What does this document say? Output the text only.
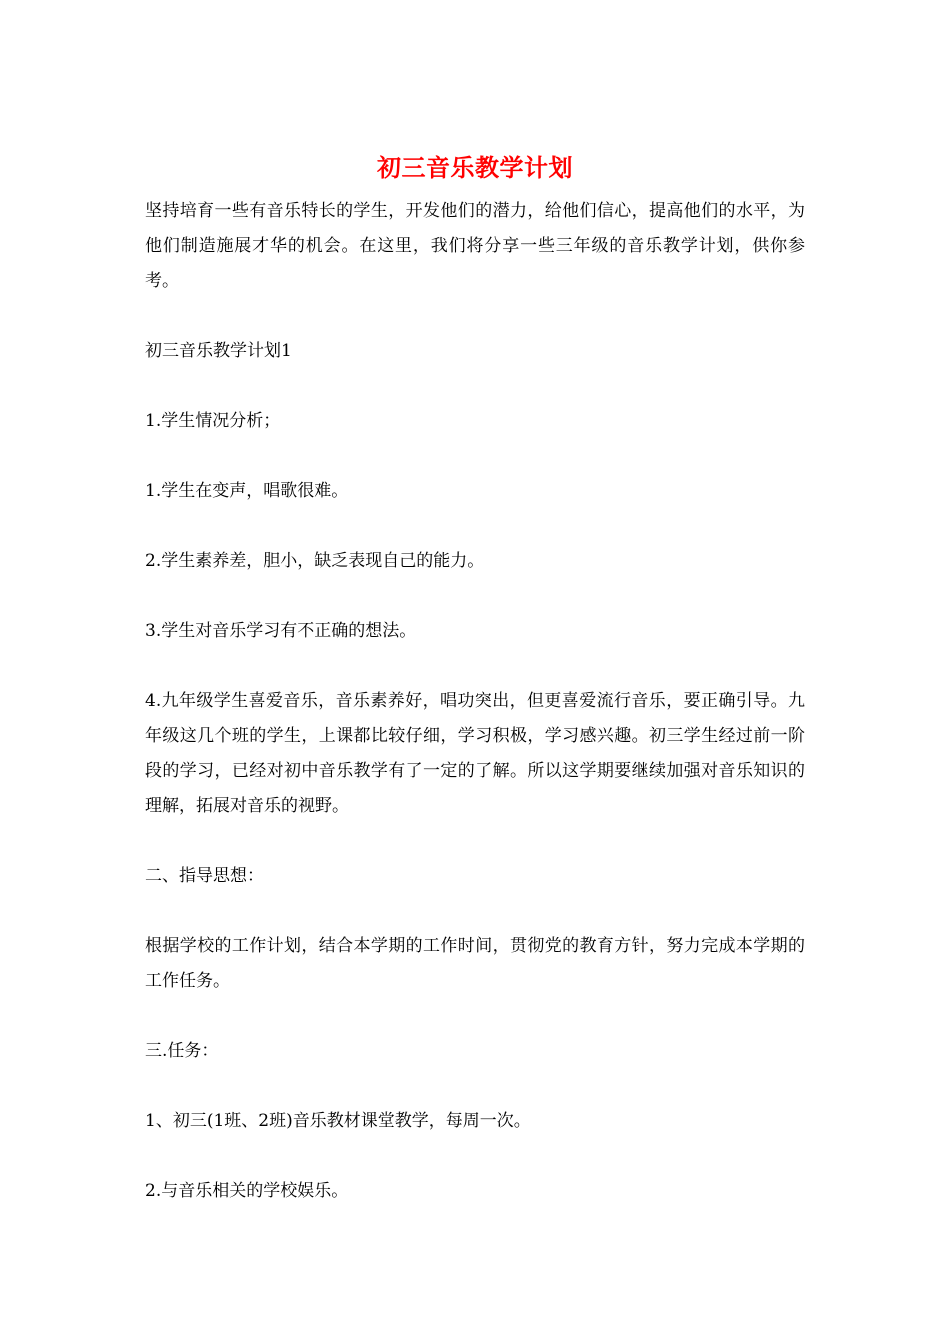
初三音乐教学计划

坚持培育一些有音乐特长的学生，开发他们的潜力，给他们信心，提高他们的水平，为他们制造施展才华的机会。在这里，我们将分享一些三年级的音乐教学计划，供你参考。

初三音乐教学计划1

1.学生情况分析；

1.学生在变声，唱歌很难。

2.学生素养差，胆小，缺乏表现自己的能力。

3.学生对音乐学习有不正确的想法。

4.九年级学生喜爱音乐，音乐素养好，唱功突出，但更喜爱流行音乐，要正确引导。九年级这几个班的学生，上课都比较仔细，学习积极，学习感兴趣。初三学生经过前一阶段的学习，已经对初中音乐教学有了一定的了解。所以这学期要继续加强对音乐知识的理解，拓展对音乐的视野。

二、指导思想：

根据学校的工作计划，结合本学期的工作时间，贯彻党的教育方针，努力完成本学期的工作任务。

三.任务：

1、初三(1班、2班)音乐教材课堂教学，每周一次。

2.与音乐相关的学校娱乐。
